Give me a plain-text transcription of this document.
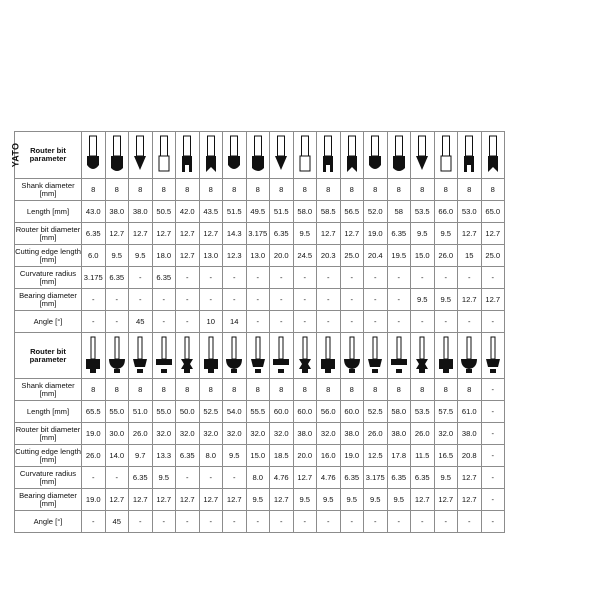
YATO Router bit parameter	

Shank diameter [mm]	8	8	8	8	8	8	8	8	8	8	8	8	8	8	8	8	8	8
Length [mm]	43.0	38.0	38.0	50.5	42.0	43.5	51.5	49.5	51.5	58.0	58.5	56.5	52.0	58	53.5	66.0	53.0	65.0
Router bit diameter [mm]	6.35	12.7	12.7	12.7	12.7	12.7	14.3	3.175	6.35	9.5	12.7	12.7	19.0	6.35	9.5	9.5	12.7	12.7
Cutting edge length [mm]	6.0	9.5	9.5	18.0	12.7	13.0	12.3	13.0	20.0	24.5	20.3	25.0	20.4	19.5	15.0	26.0	15	25.0
Curvature radius [mm]	3.175	6.35	-	6.35	-	-	-	-	-	-	-	-	-	-	-	-	-	-
Bearing diameter [mm]	-	-	-	-	-	-	-	-	-	-	-	-	-	-	9.5	9.5	12.7	12.7
Angle [°]	-	-	45	-	-	10	14	-	-	-	-	-	-	-	-	-	-	-
Router bit parameter	

Shank diameter [mm]	8	8	8	8	8	8	8	8	8	8	8	8	8	8	8	8	8	-
Length [mm]	65.5	55.0	51.0	55.0	50.0	52.5	54.0	55.5	60.0	60.0	56.0	60.0	52.5	58.0	53.5	57.5	61.0	-
Router bit diameter [mm]	19.0	30.0	26.0	32.0	32.0	32.0	32.0	32.0	32.0	38.0	32.0	38.0	26.0	38.0	26.0	32.0	38.0	-
Cutting edge length [mm]	26.0	14.0	9.7	13.3	6.35	8.0	9.5	15.0	18.5	20.0	16.0	19.0	12.5	17.8	11.5	16.5	20.8	-
Curvature radius [mm]	-	-	6.35	9.5	-	-	-	8.0	4.76	12.7	4.76	6.35	3.175	6.35	6.35	9.5	12.7	-
Bearing diameter [mm]	19.0	12.7	12.7	12.7	12.7	12.7	12.7	9.5	12.7	9.5	9.5	9.5	9.5	9.5	12.7	12.7	12.7	-
Angle [°]	-	45	-	-	-	-	-	-	-	-	-	-	-	-	-	-	-	-
